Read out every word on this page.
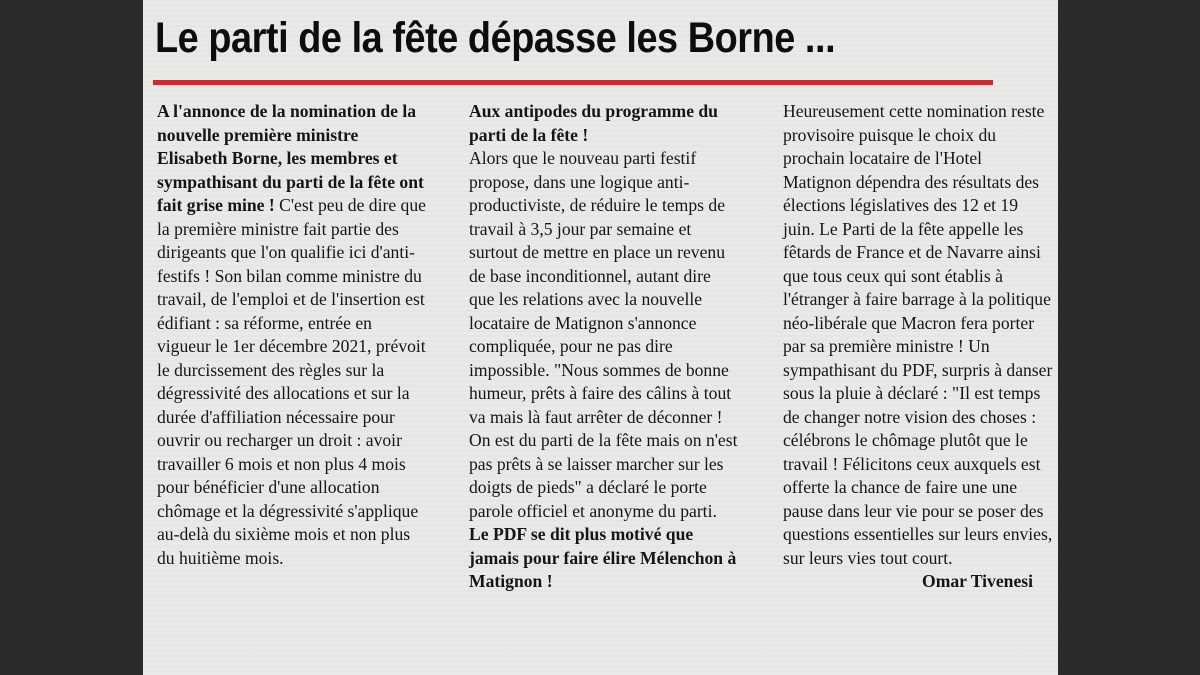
Le parti de la fête dépasse les Borne ...

A l'annonce de la nomination de la nouvelle première ministre Elisabeth Borne, les membres et sympathisant du parti de la fête ont fait grise mine ! C'est peu de dire que la première ministre fait partie des dirigeants que l'on qualifie ici d'anti-festifs ! Son bilan comme ministre du travail, de l'emploi et de l'insertion est édifiant : sa réforme, entrée en vigueur le 1er décembre 2021, prévoit le durcissement des règles sur la dégressivité des allocations et sur la durée d'affiliation nécessaire pour ouvrir ou recharger un droit : avoir travailler 6 mois et non plus 4 mois pour bénéficier d'une allocation chômage et la dégressivité s'applique au-delà du sixième mois et non plus du huitième mois.

Aux antipodes du programme du parti de la fête !

Alors que le nouveau parti festif propose, dans une logique anti-productiviste, de réduire le temps de travail à 3,5 jour par semaine et surtout de mettre en place un revenu de base inconditionnel, autant dire que les relations avec la nouvelle locataire de Matignon s'annonce compliquée, pour ne pas dire impossible. "Nous sommes de bonne humeur, prêts à faire des câlins à tout va mais là faut arrêter de déconner ! On est du parti de la fête mais on n'est pas prêts à se laisser marcher sur les doigts de pieds" a déclaré le porte parole officiel et anonyme du parti.

Le PDF se dit plus motivé que jamais pour faire élire Mélenchon à Matignon !

Heureusement cette nomination reste provisoire puisque le choix du prochain locataire de l'Hotel Matignon dépendra des résultats des élections législatives des 12 et 19 juin. Le Parti de la fête appelle les fêtards de France et de Navarre ainsi que tous ceux qui sont établis à l'étranger à faire barrage à la politique néo-libérale que Macron fera porter par sa première ministre ! Un sympathisant du PDF, surpris à danser sous la pluie à déclaré : "Il est temps de changer notre vision des choses : célébrons le chômage plutôt que le travail ! Félicitons ceux auxquels est offerte la chance de faire une une pause dans leur vie pour se poser des questions essentielles sur leurs envies, sur leurs vies tout court.

Omar Tivenesi
